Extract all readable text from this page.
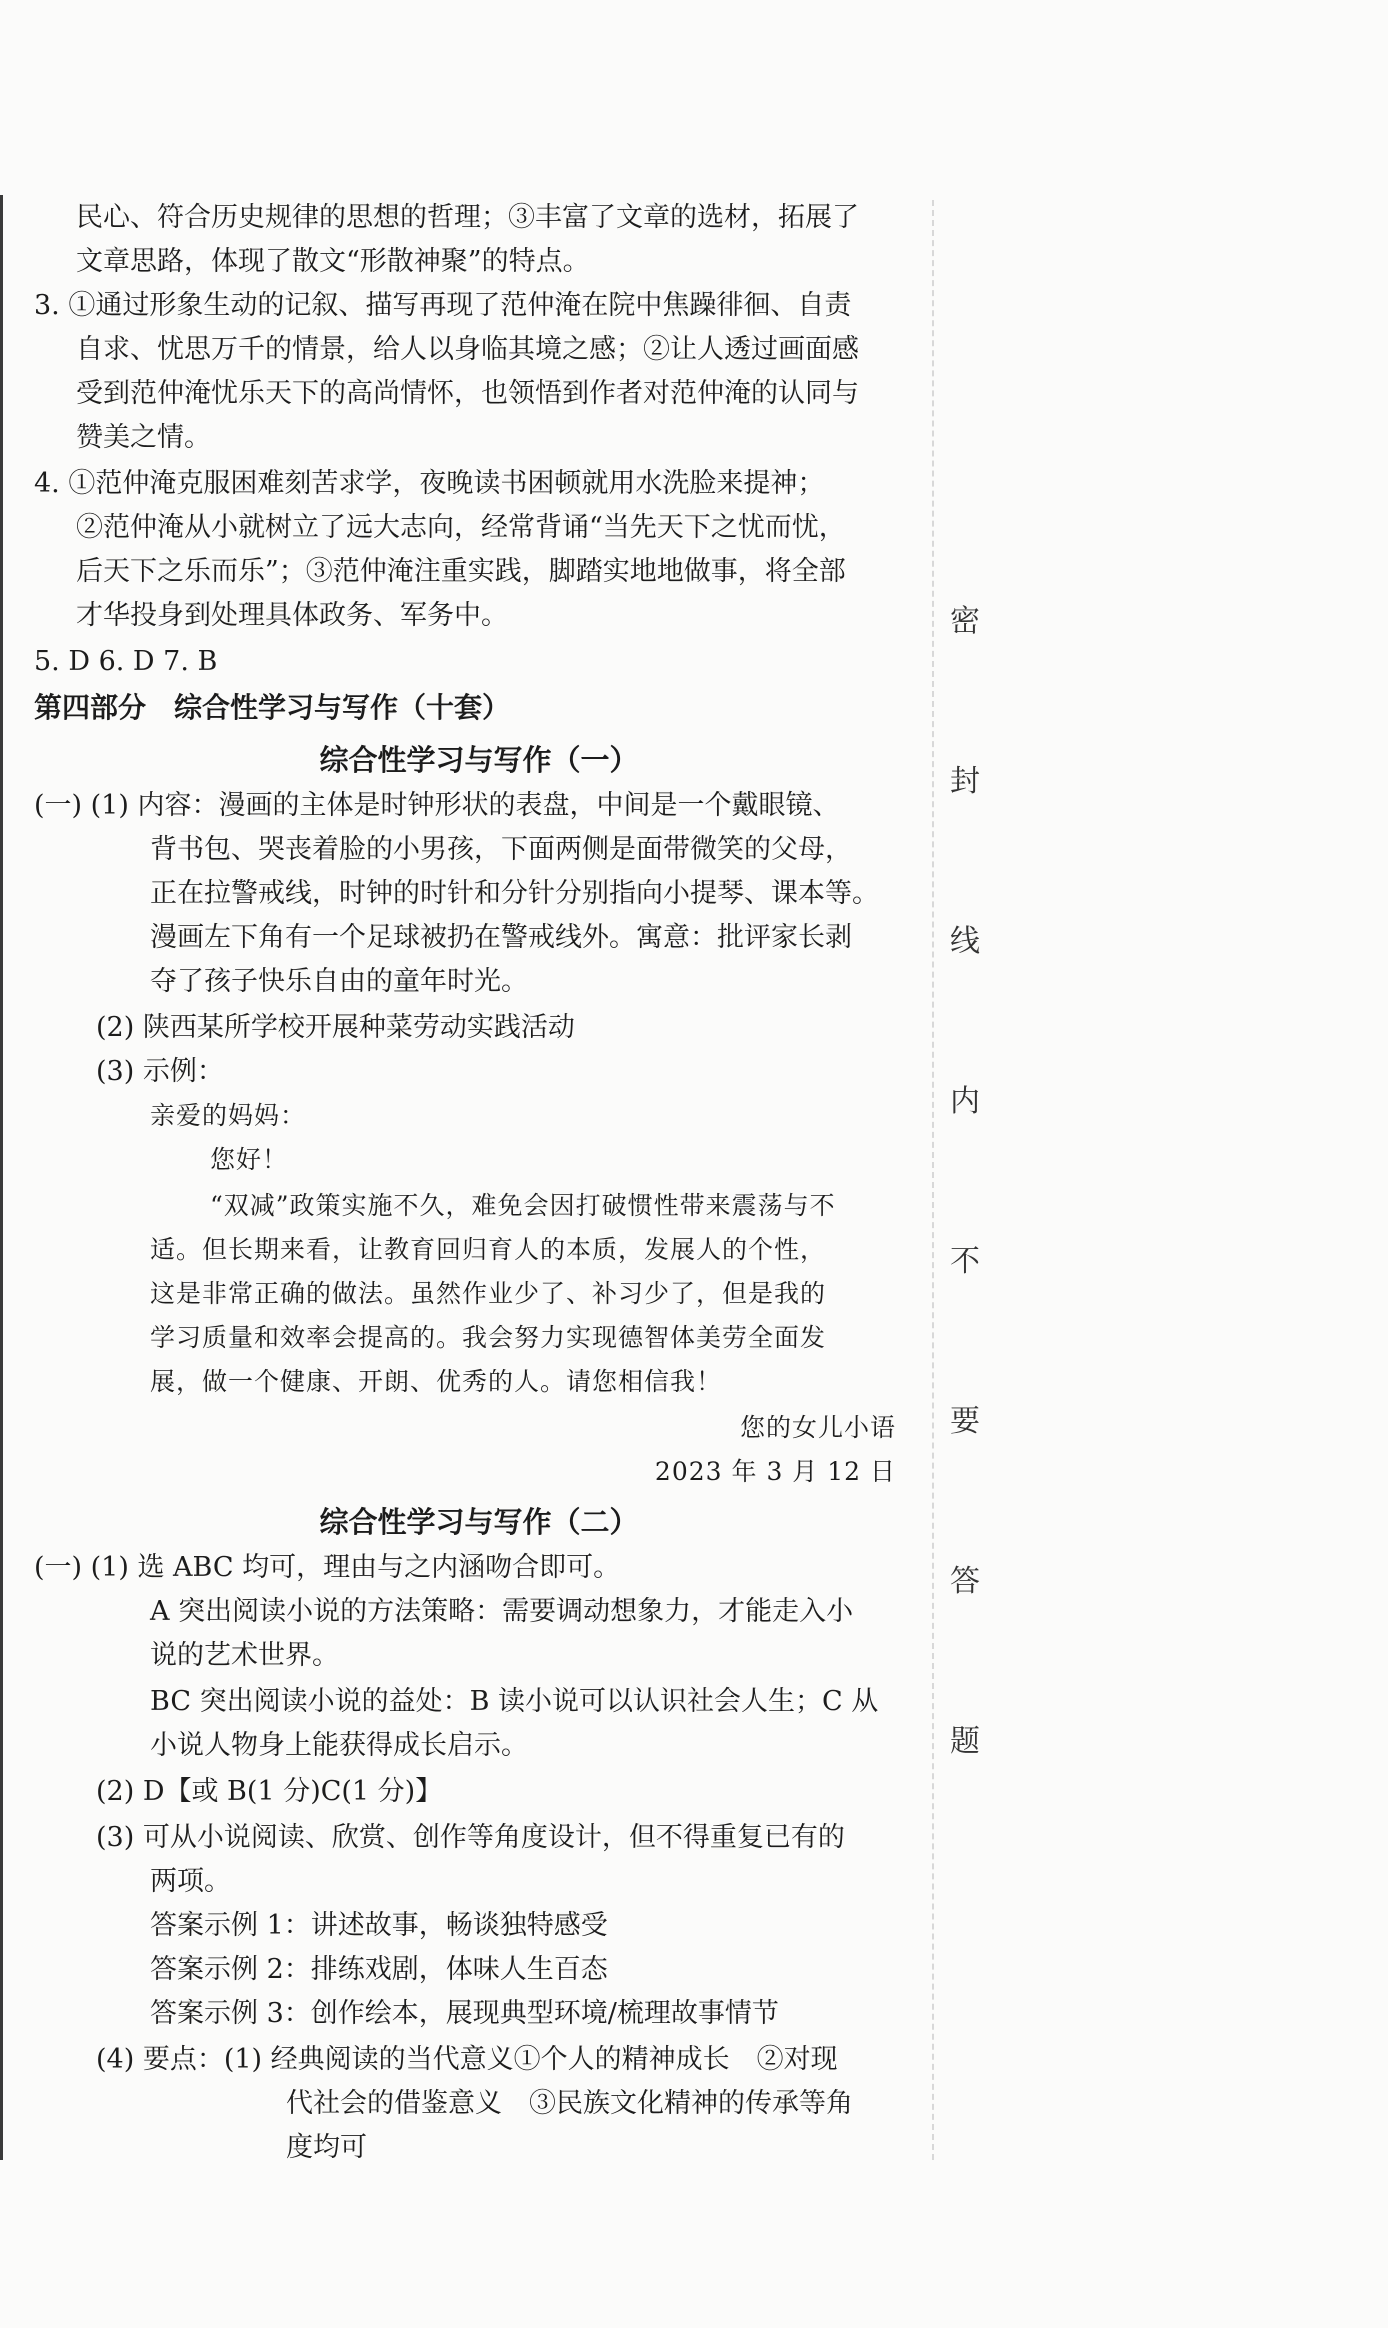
民心、符合历史规律的思想的哲理；③丰富了文章的选材，拓展了
文章思路，体现了散文“形散神聚”的特点。
3. ①通过形象生动的记叙、描写再现了范仲淹在院中焦躁徘徊、自责
自求、忧思万千的情景，给人以身临其境之感；②让人透过画面感
受到范仲淹忧乐天下的高尚情怀，也领悟到作者对范仲淹的认同与
赞美之情。
4. ①范仲淹克服困难刻苦求学，夜晚读书困顿就用水洗脸来提神；
②范仲淹从小就树立了远大志向，经常背诵“当先天下之忧而忧，
后天下之乐而乐”；③范仲淹注重实践，脚踏实地地做事，将全部
才华投身到处理具体政务、军务中。
5. D 6. D 7. B
第四部分　综合性学习与写作（十套）
综合性学习与写作（一）
(一) (1) 内容：漫画的主体是时钟形状的表盘，中间是一个戴眼镜、
背书包、哭丧着脸的小男孩，下面两侧是面带微笑的父母，
正在拉警戒线，时钟的时针和分针分别指向小提琴、课本等。
漫画左下角有一个足球被扔在警戒线外。寓意：批评家长剥
夺了孩子快乐自由的童年时光。
(2) 陕西某所学校开展种菜劳动实践活动
(3) 示例：
亲爱的妈妈：
您好！
“双减”政策实施不久，难免会因打破惯性带来震荡与不
适。但长期来看，让教育回归育人的本质，发展人的个性，
这是非常正确的做法。虽然作业少了、补习少了，但是我的
学习质量和效率会提高的。我会努力实现德智体美劳全面发
展，做一个健康、开朗、优秀的人。请您相信我！
您的女儿小语
2023 年 3 月 12 日
综合性学习与写作（二）
(一) (1) 选 ABC 均可，理由与之内涵吻合即可。
A 突出阅读小说的方法策略：需要调动想象力，才能走入小
说的艺术世界。
BC 突出阅读小说的益处：B 读小说可以认识社会人生；C 从
小说人物身上能获得成长启示。
(2) D【或 B(1 分)C(1 分)】
(3) 可从小说阅读、欣赏、创作等角度设计，但不得重复已有的
两项。
答案示例 1：讲述故事，畅谈独特感受
答案示例 2：排练戏剧，体味人生百态
答案示例 3：创作绘本，展现典型环境/梳理故事情节
(4) 要点：(1) 经典阅读的当代意义①个人的精神成长　②对现
代社会的借鉴意义　③民族文化精神的传承等角
度均可
密
封
线
内
不
要
答
题
